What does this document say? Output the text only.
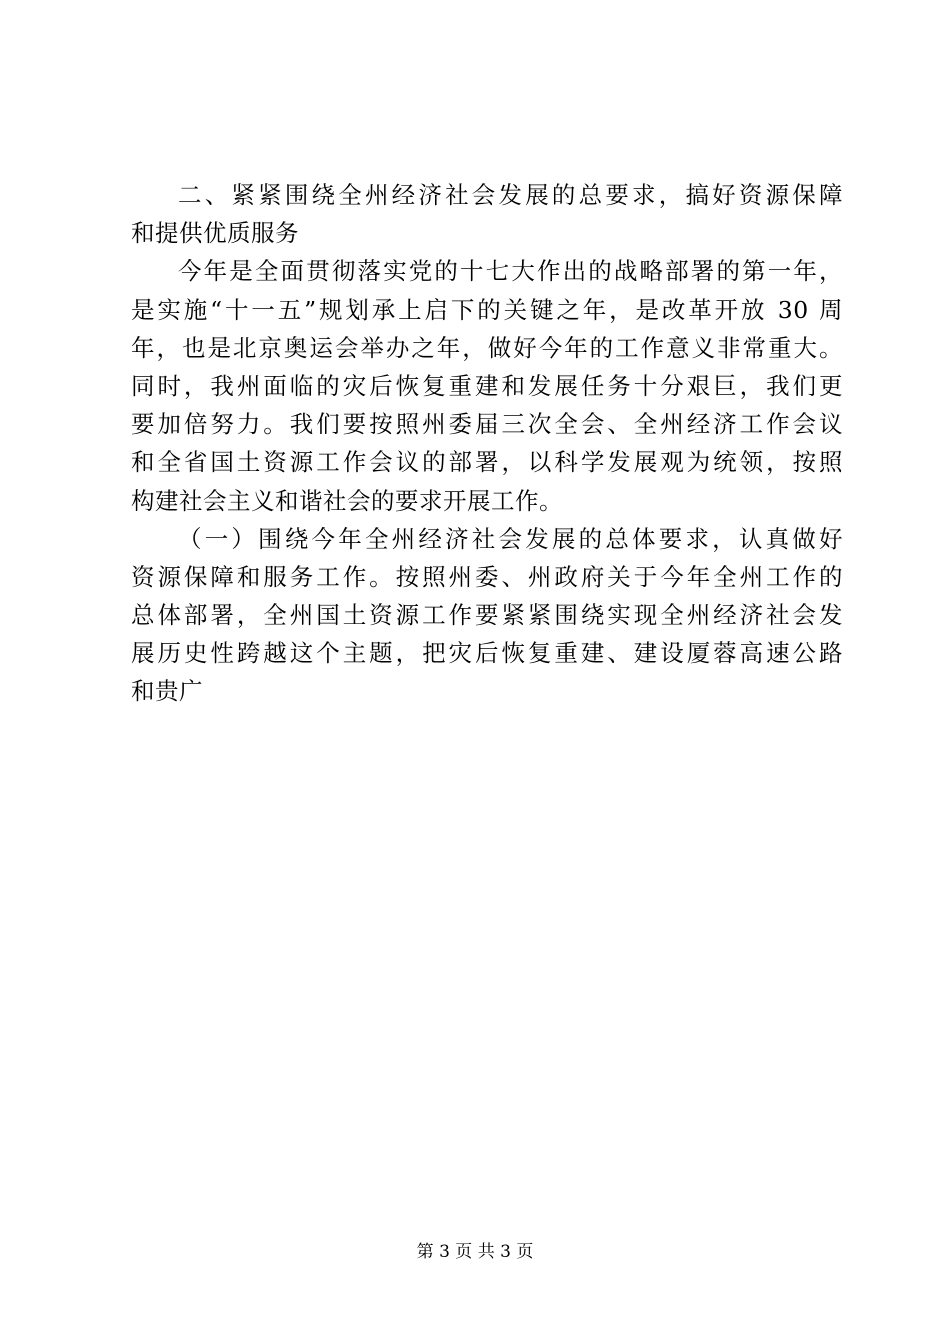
二、紧紧围绕全州经济社会发展的总要求，搞好资源保障
和提供优质服务
今年是全面贯彻落实党的十七大作出的战略部署的第一年，
是实施“十一五”规划承上启下的关键之年，是改革开放 30 周
年，也是北京奥运会举办之年，做好今年的工作意义非常重大。
同时，我州面临的灾后恢复重建和发展任务十分艰巨，我们更
要加倍努力。我们要按照州委届三次全会、全州经济工作会议
和全省国土资源工作会议的部署，以科学发展观为统领，按照
构建社会主义和谐社会的要求开展工作。
（一）围绕今年全州经济社会发展的总体要求，认真做好
资源保障和服务工作。按照州委、州政府关于今年全州工作的
总体部署，全州国土资源工作要紧紧围绕实现全州经济社会发
展历史性跨越这个主题，把灾后恢复重建、建设厦蓉高速公路
和贵广
第 3 页 共 3 页
